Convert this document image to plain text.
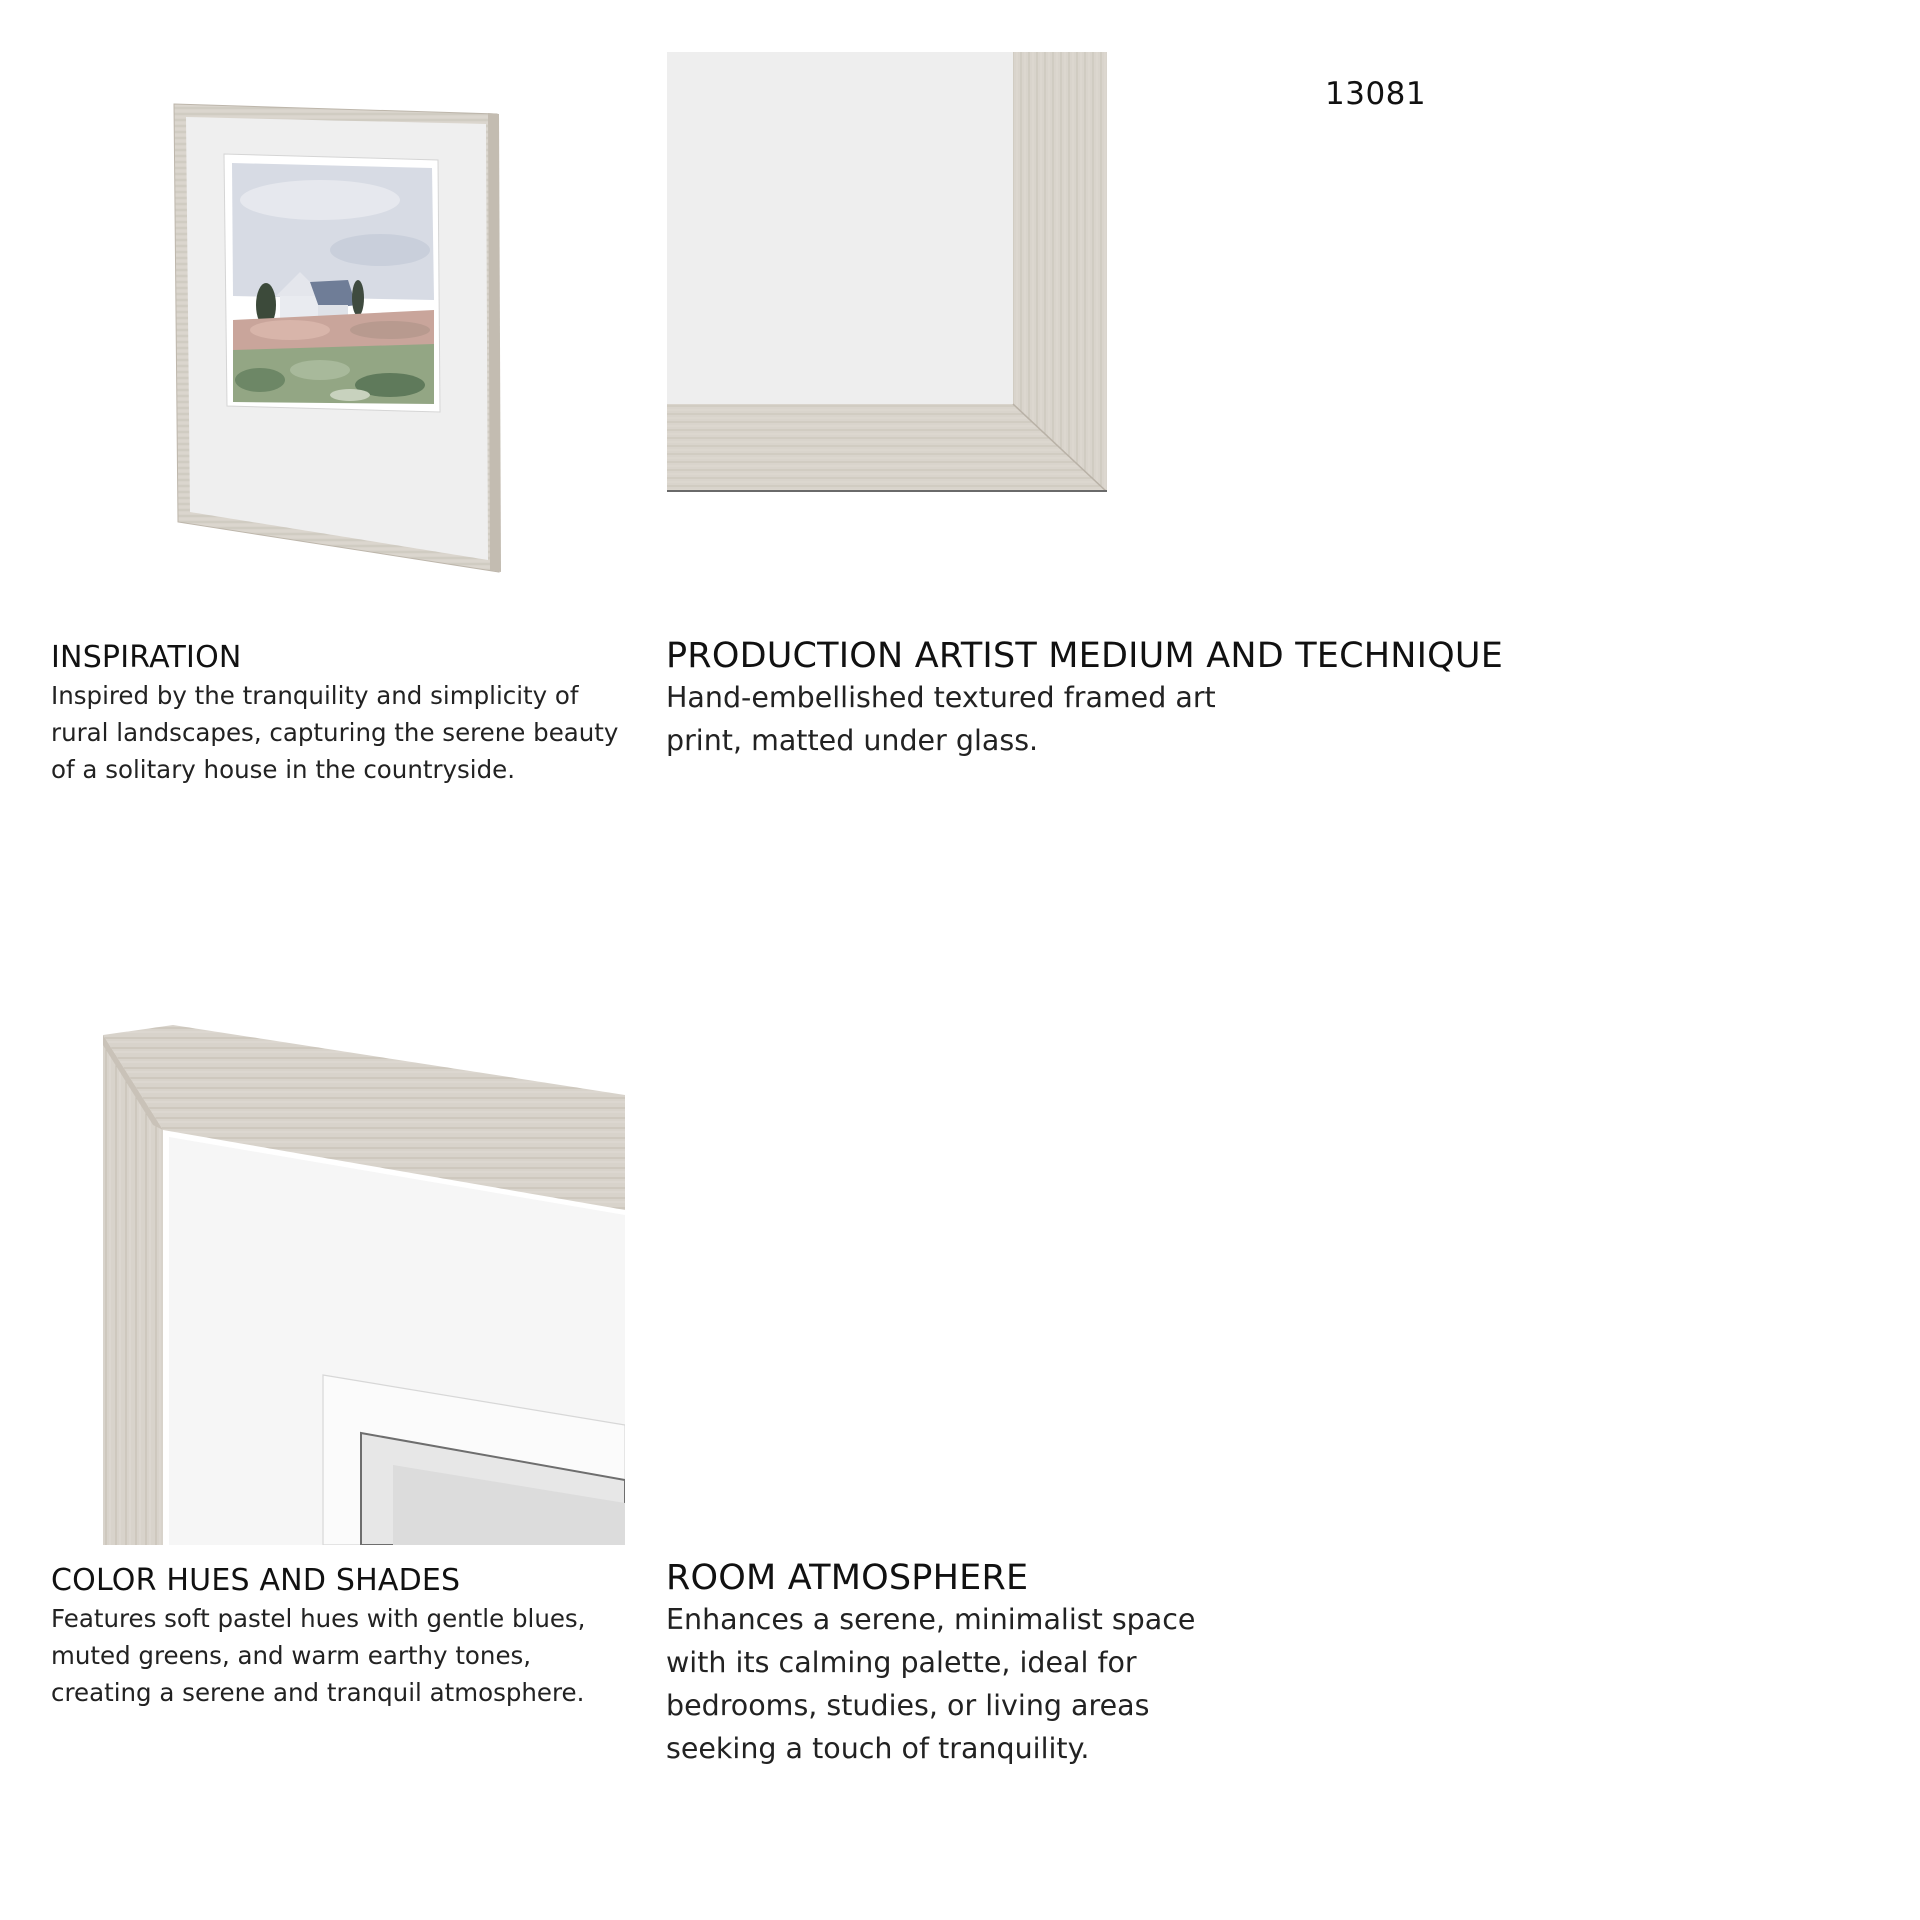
13081
INSPIRATION

Inspired by the tranquility and simplicity of
rural landscapes, capturing the serene beauty
of a solitary house in the countryside.

PRODUCTION ARTIST MEDIUM AND TECHNIQUE

Hand-embellished textured framed art
print, matted under glass.

COLOR HUES AND SHADES

Features soft pastel hues with gentle blues,
muted greens, and warm earthy tones,
creating a serene and tranquil atmosphere.

ROOM ATMOSPHERE

Enhances a serene, minimalist space
with its calming palette, ideal for
bedrooms, studies, or living areas
seeking a touch of tranquility.
